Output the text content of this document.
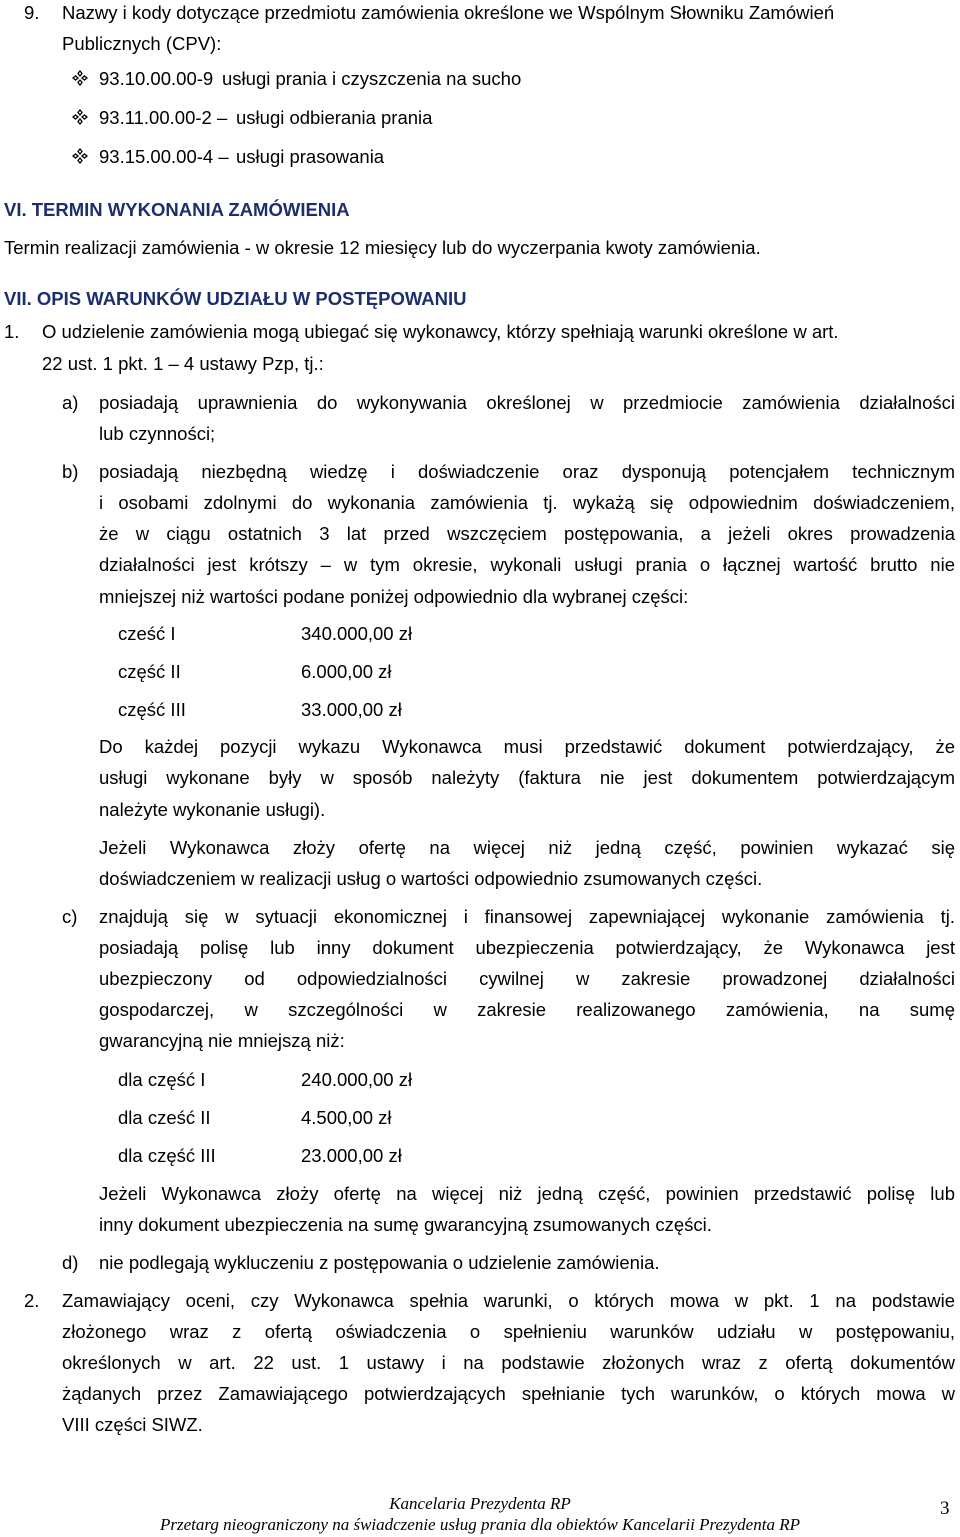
9. Nazwy i kody dotyczące przedmiotu zamówienia określone we Wspólnym Słowniku Zamówień
Publicznych (CPV):
93.10.00.00-9 usługi prania i czyszczenia na sucho
93.11.00.00-2 – usługi odbierania prania
93.15.00.00-4 – usługi prasowania
VI. TERMIN WYKONANIA ZAMÓWIENIA
Termin realizacji zamówienia - w okresie 12 miesięcy lub do wyczerpania kwoty zamówienia.
VII. OPIS WARUNKÓW UDZIAŁU W POSTĘPOWANIU
1. O udzielenie zamówienia mogą ubiegać się wykonawcy, którzy spełniają warunki określone w art.
22 ust. 1 pkt. 1 – 4 ustawy Pzp, tj.:
a) posiadają uprawnienia do wykonywania określonej w przedmiocie zamówienia działalności
lub czynności;
b) posiadają niezbędną wiedzę i doświadczenie oraz dysponują potencjałem technicznym
i osobami zdolnymi do wykonania zamówienia tj. wykażą się odpowiednim doświadczeniem,
że w ciągu ostatnich 3 lat przed wszczęciem postępowania, a jeżeli okres prowadzenia
działalności jest krótszy – w tym okresie, wykonali usługi prania o łącznej wartość brutto nie
mniejszej niż wartości podane poniżej odpowiednio dla wybranej części:
cześć I	340.000,00 zł
część II	6.000,00 zł
część III	33.000,00 zł
Do każdej pozycji wykazu Wykonawca musi przedstawić dokument potwierdzający, że
usługi wykonane były w sposób należyty (faktura nie jest dokumentem potwierdzającym
należyte wykonanie usługi).
Jeżeli Wykonawca złoży ofertę na więcej niż jedną część, powinien wykazać się
doświadczeniem w realizacji usług o wartości odpowiednio zsumowanych części.
c) znajdują się w sytuacji ekonomicznej i finansowej zapewniającej wykonanie zamówienia tj.
posiadają polisę lub inny dokument ubezpieczenia potwierdzający, że Wykonawca jest
ubezpieczony od odpowiedzialności cywilnej w zakresie prowadzonej działalności
gospodarczej, w szczególności w zakresie realizowanego zamówienia, na sumę
gwarancyjną nie mniejszą niż:
dla część I	240.000,00 zł
dla cześć II	4.500,00 zł
dla część III	23.000,00 zł
Jeżeli Wykonawca złoży ofertę na więcej niż jedną część, powinien przedstawić polisę lub
inny dokument ubezpieczenia na sumę gwarancyjną zsumowanych części.
d) nie podlegają wykluczeniu z postępowania o udzielenie zamówienia.
2. Zamawiający oceni, czy Wykonawca spełnia warunki, o których mowa w pkt. 1 na podstawie
złożonego wraz z ofertą oświadczenia o spełnieniu warunków udziału w postępowaniu,
określonych w art. 22 ust. 1 ustawy i na podstawie złożonych wraz z ofertą dokumentów
żądanych przez Zamawiającego potwierdzających spełnianie tych warunków, o których mowa w
VIII części SIWZ.
Kancelaria Prezydenta RP
Przetarg nieograniczony na świadczenie usług prania dla obiektów Kancelarii Prezydenta RP
3
